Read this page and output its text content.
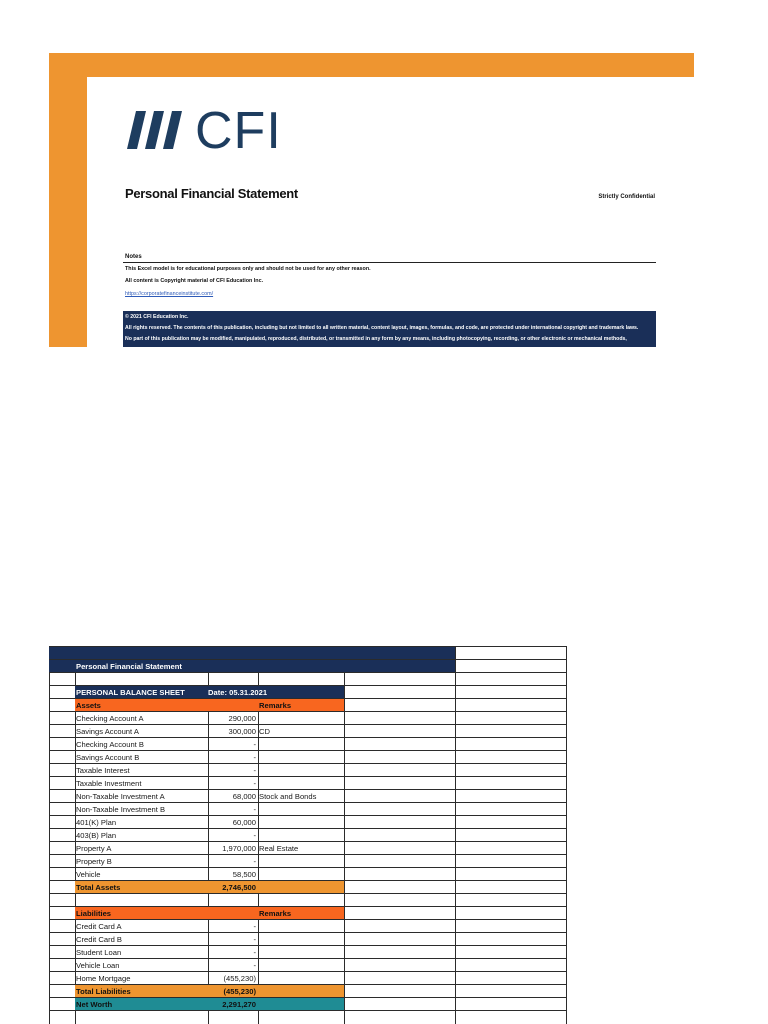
CFI
Personal Financial Statement	Strictly Confidential
Notes
This Excel model is for educational purposes only and should not be used for any other reason.
All content is Copyright material of CFI Education Inc.
https://corporatefinanceinstitute.com/
© 2021 CFI Education Inc.
All rights reserved. The contents of this publication, including but not limited to all written material, content layout, images, formulas, and code, are protected under international copyright and trademark laws.
No part of this publication may be modified, manipulated, reproduced, distributed, or transmitted in any form by any means, including photocopying, recording, or other electronic or mechanical methods,
Personal Financial Statement
PERSONAL BALANCE SHEET	Date: 05.31.2021
Assets	Remarks
Checking Account A	290,000
Savings Account A	300,000 CD
Checking Account B	-
Savings Account B	-
Taxable Interest	-
Taxable Investment	-
Non-Taxable Investment A	68,000 Stock and Bonds
Non-Taxable Investment B	-
401(K) Plan	60,000
403(B) Plan	-
Property A	1,970,000 Real Estate
Property B	-
Vehicle	58,500
Total Assets	2,746,500
Liabilities	Remarks
Credit Card A	-
Credit Card B	-
Student Loan	-
Vehicle Loan	-
Home Mortgage	(455,230)
Total Liabilities	(455,230)
Net Worth	2,291,270
